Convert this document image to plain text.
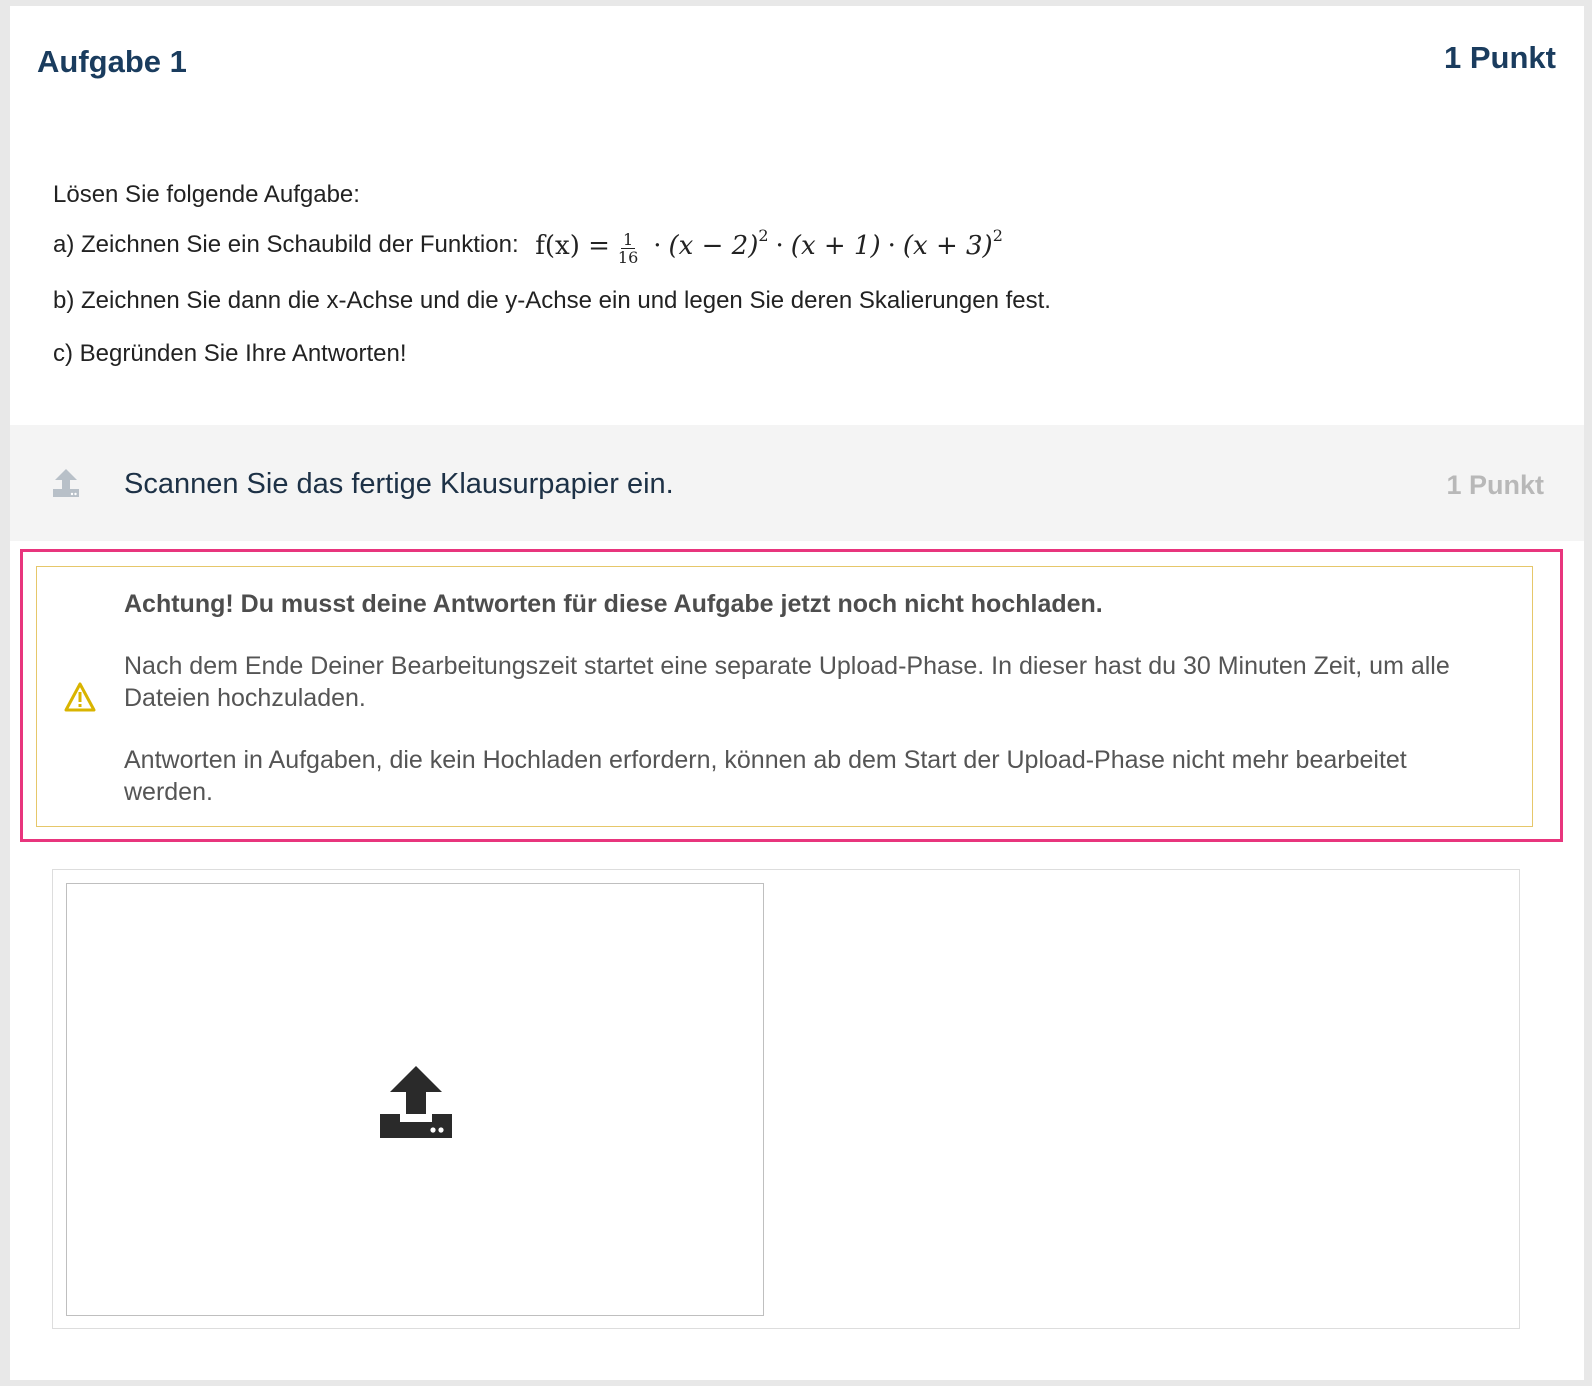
Aufgabe 1	1 Punkt
Lösen Sie folgende Aufgabe:
a) Zeichnen Sie ein Schaubild der Funktion: $f(x) = \frac{1}{16} \cdot (x - 2)^2 \cdot (x + 1) \cdot (x + 3)^2$
b) Zeichnen Sie dann die x-Achse und die y-Achse ein und legen Sie deren Skalierungen fest.
c) Begründen Sie Ihre Antworten!
Scannen Sie das fertige Klausurpapier ein.	1 Punkt
Achtung! Du musst deine Antworten für diese Aufgabe jetzt noch nicht hochladen.
Nach dem Ende Deiner Bearbeitungszeit startet eine separate Upload-Phase. In dieser hast du 30 Minuten Zeit, um alle Dateien hochzuladen.
Antworten in Aufgaben, die kein Hochladen erfordern, können ab dem Start der Upload-Phase nicht mehr bearbeitet werden.
